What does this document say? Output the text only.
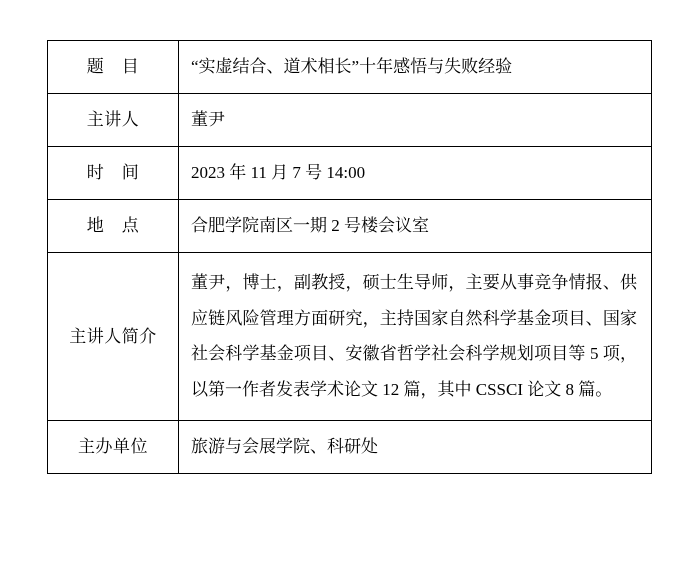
题　目	“实虚结合、道术相长”十年感悟与失败经验
主讲人	董尹
时　间	2023 年 11 月 7 号 14:00
地　点	合肥学院南区一期 2 号楼会议室
主讲人简介	董尹，博士，副教授，硕士生导师，主要从事竞争情报、供应链风险管理方面研究，主持国家自然科学基金项目、国家社会科学基金项目、安徽省哲学社会科学规划项目等 5 项，以第一作者发表学术论文 12 篇，其中 CSSCI 论文 8 篇。
主办单位	旅游与会展学院、科研处
